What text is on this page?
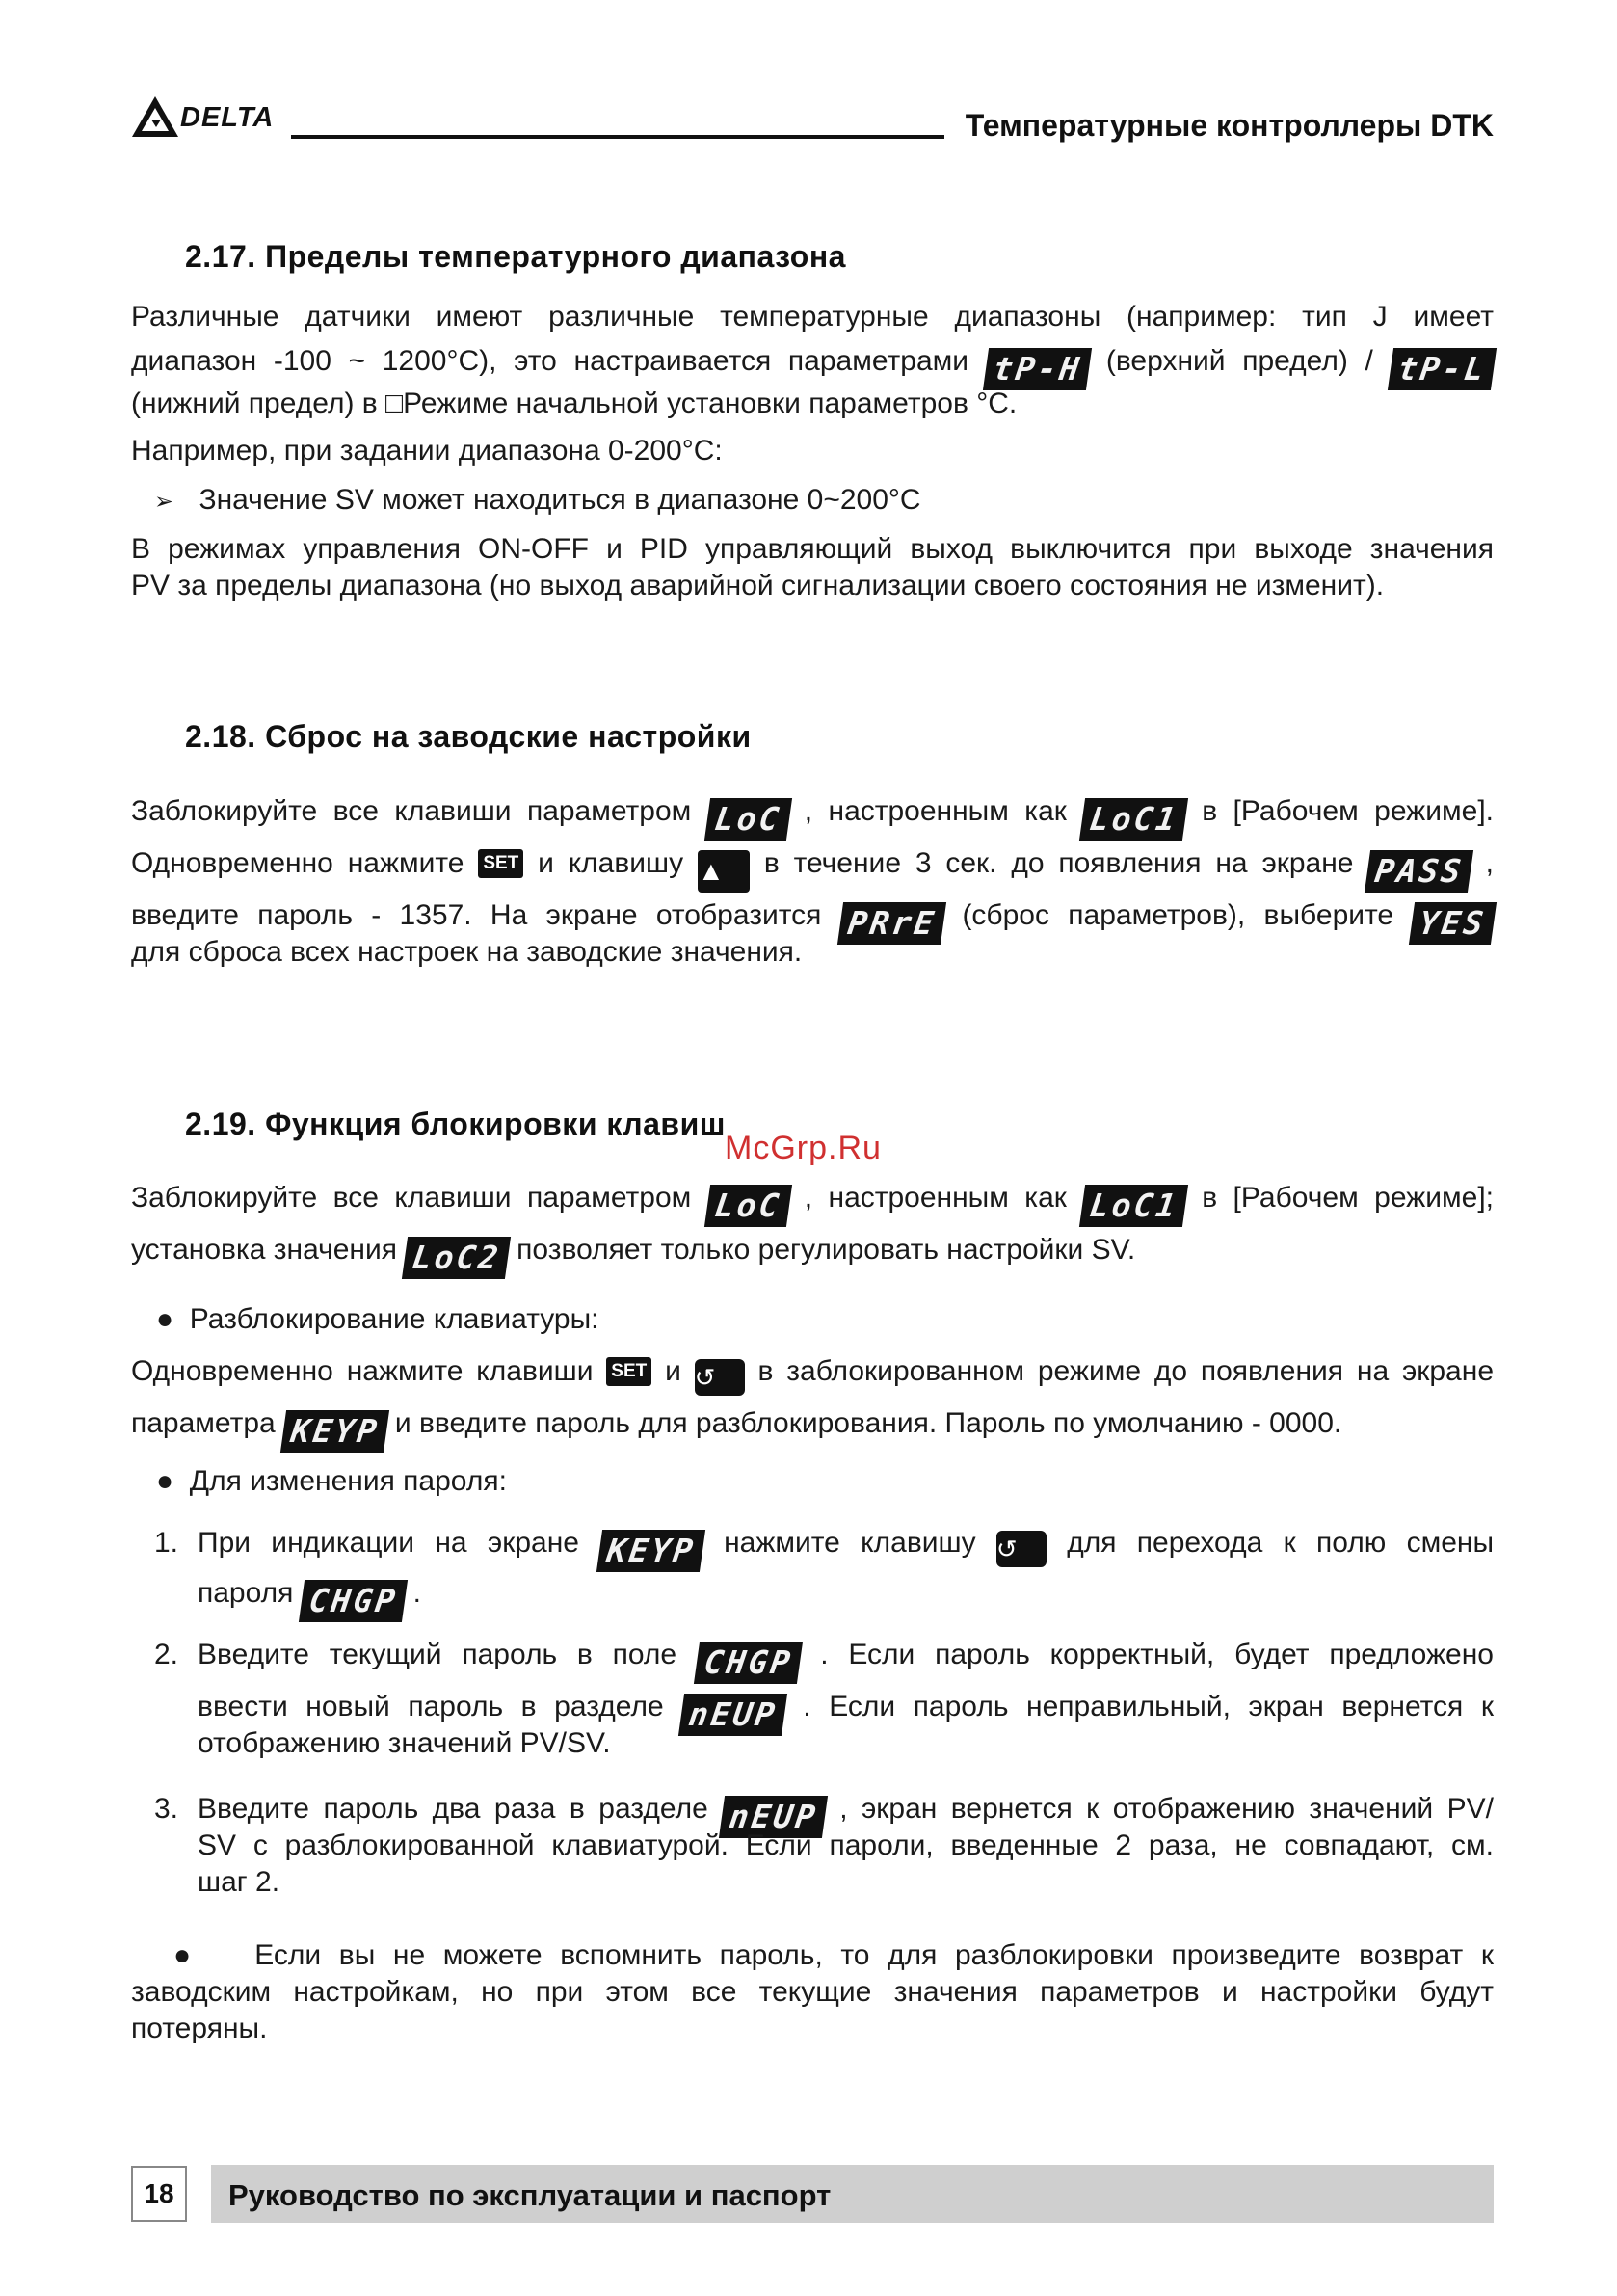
DELTA	Температурные контроллеры DTK
2.17. Пределы температурного диапазона
Различные датчики имеют различные температурные диапазоны (например: тип J имеет
диапазон -100 ~ 1200°C), это настраивается параметрами tP-H (верхний предел) / tP-L
(нижний предел) в □Режиме начальной установки параметров °С.
Например, при задании диапазона 0-200°С:
➢ Значение SV может находиться в диапазоне 0~200°С
В режимах управления ON-OFF и PID управляющий выход выключится при выходе значения
PV за пределы диапазона (но выход аварийной сигнализации своего состояния не изменит).
2.18. Сброс на заводские настройки
Заблокируйте все клавиши параметром LoC , настроенным как LoC1 в [Рабочем режиме].
Одновременно нажмите SET и клавишу ▲ в течение 3 сек. до появления на экране PASS ,
введите пароль - 1357. На экране отобразится PRrE (сброс параметров), выберите YES
для сброса всех настроек на заводские значения.
2.19. Функция блокировки клавиш
McGrp.Ru
Заблокируйте все клавиши параметром LoC , настроенным как LoC1 в [Рабочем режиме];
установка значения LoC2 позволяет только регулировать настройки SV.
● Разблокирование клавиатуры:
Одновременно нажмите клавиши SET и ↺ в заблокированном режиме до появления на экране
параметра KEYP и введите пароль для разблокирования. Пароль по умолчанию - 0000.
● Для изменения пароля:
1. При индикации на экране KEYP нажмите клавишу ↺ для перехода к полю смены
пароля CHGP .
2. Введите текущий пароль в поле CHGP . Если пароль корректный, будет предложено
ввести новый пароль в разделе nEUP . Если пароль неправильный, экран вернется к
отображению значений PV/SV.
3. Введите пароль два раза в разделе nEUP , экран вернется к отображению значений PV/
SV с разблокированной клавиатурой. Если пароли, введенные 2 раза, не совпадают, см.
шаг 2.
● Если вы не можете вспомнить пароль, то для разблокировки произведите возврат к
заводским настройкам, но при этом все текущие значения параметров и настройки будут
потеряны.
18	Руководство по эксплуатации и паспорт
